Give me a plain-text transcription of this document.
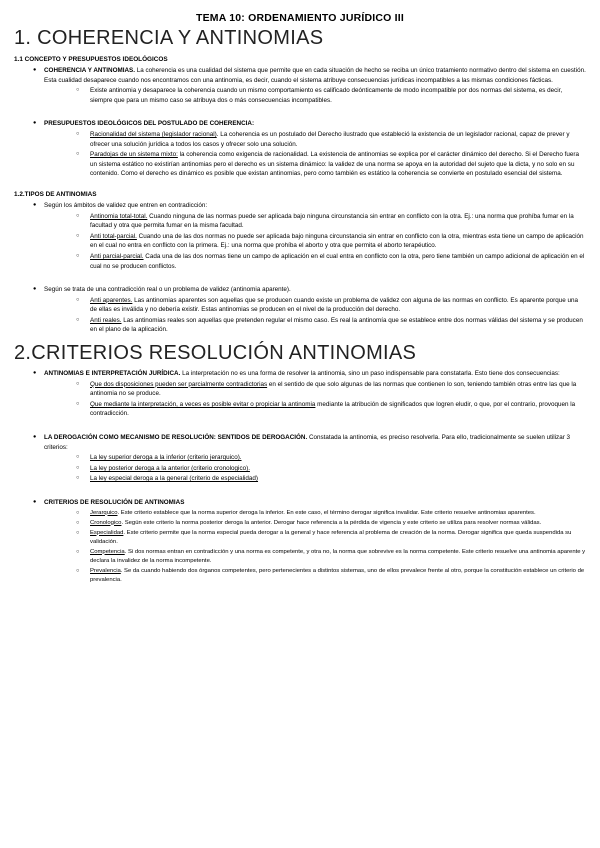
TEMA 10: ORDENAMIENTO JURÍDICO III
1. COHERENCIA Y ANTINOMIAS
1.1 CONCEPTO Y PRESUPUESTOS IDEOLÓGICOS
● COHERENCIA Y ANTINOMIAS. La coherencia es una cualidad del sistema que permite que en cada situación de hecho se reciba un único tratamiento normativo dentro del sistema en cuestión. Esta cualidad desaparece cuando nos encontramos con una antinomia, es decir, cuando el sistema atribuye consecuencias jurídicas incompatibles a las mismas condiciones fácticas.
○ Existe antinomia y desaparece la coherencia cuando un mismo comportamiento es calificado deónticamente de modo incompatible por dos normas del sistema, es decir, siempre que para un mismo caso se atribuya dos o más consecuencias incompatibles.
● PRESUPUESTOS IDEOLÓGICOS DEL POSTULADO DE COHERENCIA:
○ Racionalidad del sistema (legislador racional). La coherencia es un postulado del Derecho ilustrado que estableció la existencia de un legislador racional, capaz de prever y ofrecer una solución jurídica a todos los casos y ofrecer solo una solución.
○ Paradojas de un sistema mixto: la coherencia como exigencia de racionalidad. La existencia de antinomias se explica por el carácter dinámico del derecho. Si el Derecho fuera un sistema estático no existirían antinomias pero el derecho es un sistema dinámico: la validez de una norma se apoya en la autoridad del sujeto que la dicta, y no solo en su contenido. Como el derecho es dinámico es posible que existan antinomias, pero como también es estático la coherencia se convierte en postulado esencial del sistema.
1.2.TIPOS DE ANTINOMIAS
● Según los ámbitos de validez que entren en contradicción:
○ Antinomia total-total. Cuando ninguna de las normas puede ser aplicada bajo ninguna circunstancia sin entrar en conflicto con la otra. Ej.: una norma que prohíba fumar en la facultad y otra que permita fumar en la misma facultad.
○ Anti total-parcial. Cuando una de las dos normas no puede ser aplicada bajo ninguna circunstancia sin entrar en conflicto con la otra, mientras esta tiene un campo de aplicación en el cual no entra en conflicto con la primera. Ej.: una norma que prohíba el aborto y otra que permita el aborto terapéutico.
○ Anti parcial-parcial. Cada una de las dos normas tiene un campo de aplicación en el cual entra en conflicto con la otra, pero tiene también un campo adicional de aplicación en el cual no se producen conflictos.
● Según se trata de una contradicción real o un problema de validez (antinomia aparente).
○ Anti aparentes. Las antinomias aparentes son aquellas que se producen cuando existe un problema de validez con alguna de las normas en conflicto. Es aparente porque una de ellas es inválida y no debería existir. Estas antinomias se producen en el nivel de la producción del derecho.
○ Anti reales. Las antinomias reales son aquellas que pretenden regular el mismo caso. Es real la antinomía que se establece entre dos normas válidas del sistema y se producen en el plano de la aplicación.
2.CRITERIOS RESOLUCIÓN ANTINOMIAS
● ANTINOMIAS E INTERPRETACIÓN JURÍDICA. La interpretación no es una forma de resolver la antinomia, sino un paso indispensable para constatarla. Esto tiene dos consecuencias:
○ Que dos disposiciones pueden ser parcialmente contradictorias en el sentido de que solo algunas de las normas que contienen lo son, teniendo también otras entre las que la antinomia no se produce.
○ Que mediante la interpretación, a veces es posible evitar o propiciar la antinomia mediante la atribución de significados que logren eludir, o que, por el contrario, provoquen la contradicción.
● LA DEROGACIÓN COMO MECANISMO DE RESOLUCIÓN: SENTIDOS DE DEROGACIÓN. Constatada la antinomia, es preciso resolverla. Para ello, tradicionalmente se suelen utilizar 3 criterios:
○ La ley superior deroga a la inferior (criterio jerarquico).
○ La ley posterior deroga a la anterior (criterio cronologico).
○ La ley especial deroga a la general (criterio de especialidad)
● CRITERIOS DE RESOLUCIÓN DE ANTINOMIAS
○ Jerarquico. Este criterio establece que la norma superior deroga la inferior. En este caso, el término derogar significa invalidar. Este criterio resuelve antinomias aparentes.
○ Cronologico. Según este criterio la norma posterior deroga la anterior. Derogar hace referencia a la pérdida de vigencia y este criterio se utiliza para resolver normas válidas.
○ Especialidad. Este criterio permite que la norma especial pueda derogar a la general y hace referencia al problema de creación de la norma. Derogar significa que queda suspendida su validación.
○ Competencia. Si dos normas entran en contradicción y una norma es competente, y otra no, la norma que sobrevive es la norma competente. Este criterio resuelve una antinomia aparente y declara la invalidez de la norma incompetente.
○ Prevalencia. Se da cuando habiendo dos órganos competentes, pero pertenecientes a distintos sistemas, uno de ellos prevalece frente al otro, porque la constitución establece un criterio de prevalencia.
